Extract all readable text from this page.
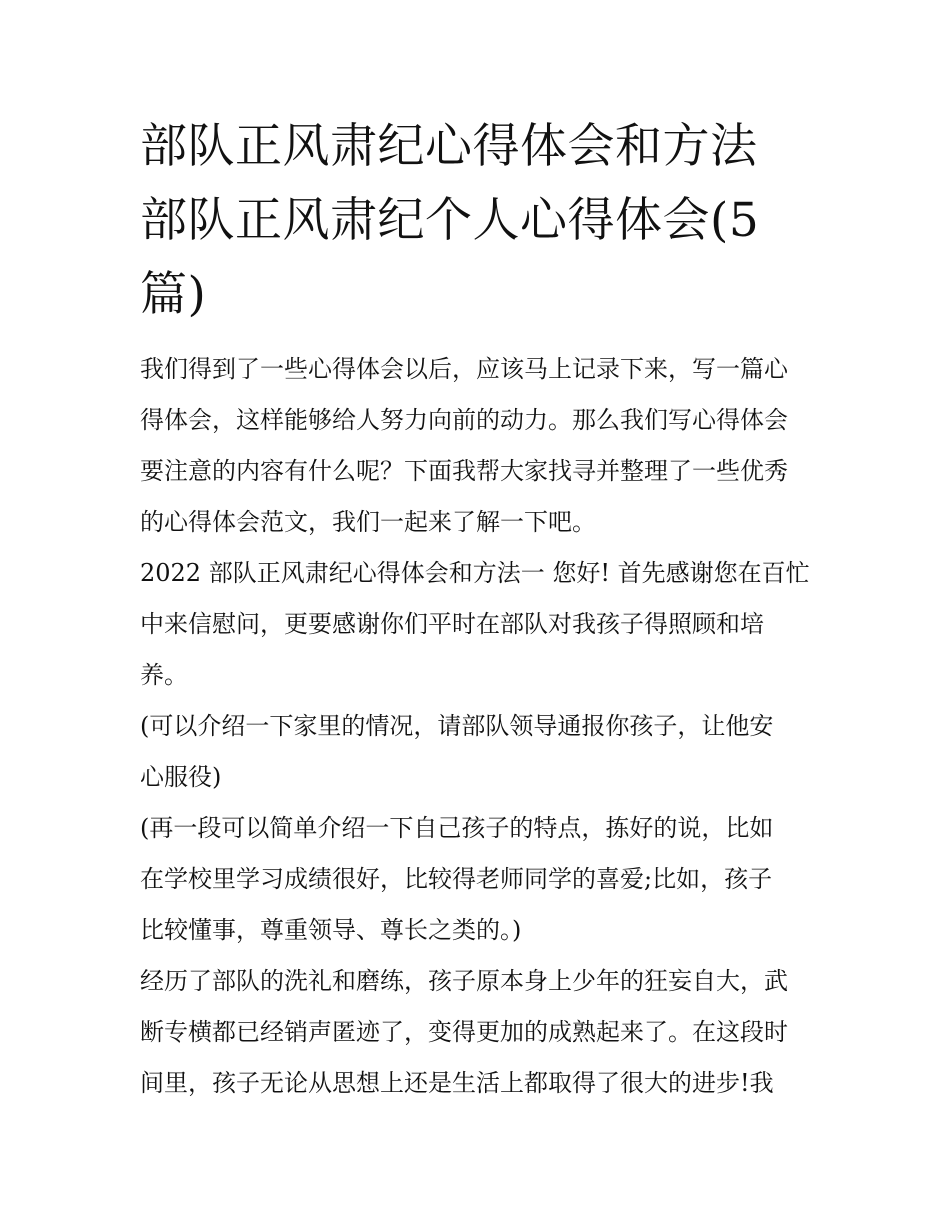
部队正风肃纪心得体会和方法
部队正风肃纪个人心得体会(5
篇)

我们得到了一些心得体会以后，应该马上记录下来，写一篇心
得体会，这样能够给人努力向前的动力。那么我们写心得体会
要注意的内容有什么呢？下面我帮大家找寻并整理了一些优秀
的心得体会范文，我们一起来了解一下吧。

2022 部队正风肃纪心得体会和方法一 您好! 首先感谢您在百忙
中来信慰问，更要感谢你们平时在部队对我孩子得照顾和培
养。

(可以介绍一下家里的情况，请部队领导通报你孩子，让他安
心服役)

(再一段可以简单介绍一下自己孩子的特点，拣好的说，比如
在学校里学习成绩很好，比较得老师同学的喜爱;比如，孩子
比较懂事，尊重领导、尊长之类的。)

经历了部队的洗礼和磨练，孩子原本身上少年的狂妄自大，武
断专横都已经销声匿迹了，变得更加的成熟起来了。在这段时
间里，孩子无论从思想上还是生活上都取得了很大的进步!我
